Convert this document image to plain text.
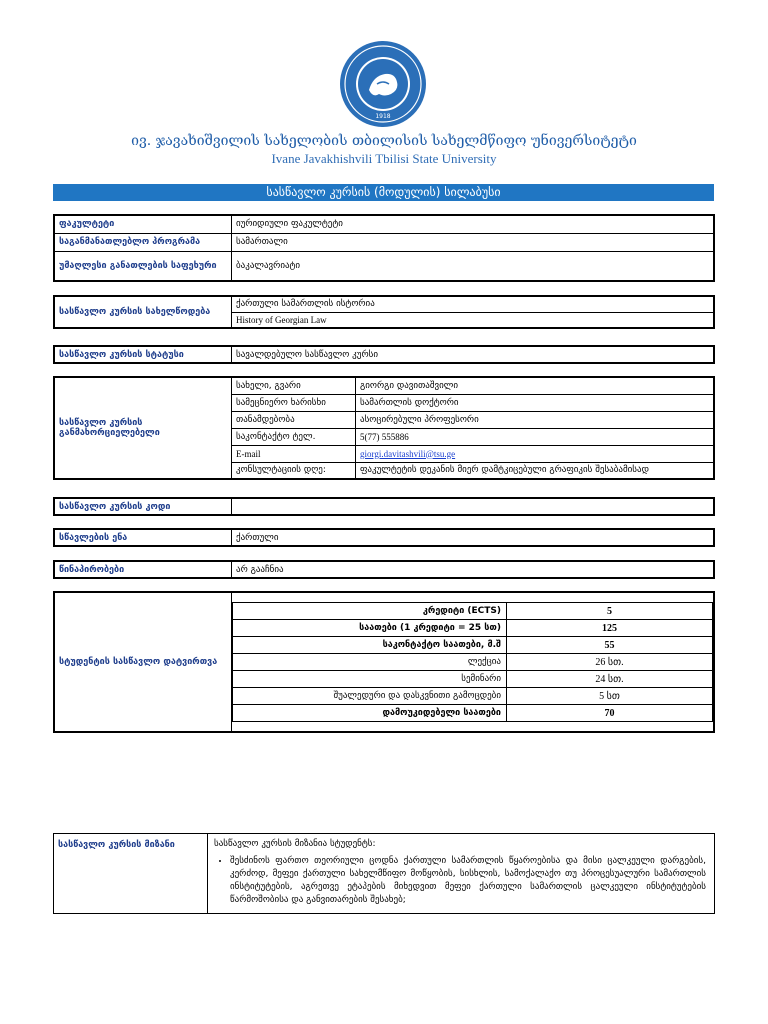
1918
ივ. ჯავახიშვილის სახელობის თბილისის სახელმწიფო უნივერსიტეტი
Ivane Javakhishvili Tbilisi State University
სასწავლო კურსის (მოდულის) სილაბუსი
ფაკულტეტი	იურიდიული ფაკულტეტი
საგანმანათლებლო პროგრამა	სამართალი
უმაღლესი განათლების საფეხური	ბაკალავრიატი
სასწავლო კურსის სახელწოდება	ქართული სამართლის ისტორია
History of Georgian Law
სასწავლო კურსის სტატუსი	სავალდებულო სასწავლო კურსი
სასწავლო კურსის განმახორციელებელი	სახელი, გვარი	გიორგი დავითაშვილი
	სამეცნიერო ხარისხი	სამართლის დოქტორი
	თანამდებობა	ასოცირებული პროფესორი
	საკონტაქტო ტელ.	5(77) 555886
	E-mail	giorgi.davitashvili@tsu.ge
	კონსულტაციის დღე:	ფაკულტეტის დეკანის მიერ დამტკიცებული გრაფიკის შესაბამისად
სასწავლო კურსის კოდი	
სწავლების ენა	ქართული
წინაპირობები	არ გააჩნია
სტუდენტის სასწავლო დატვირთვა	
კრედიტი (ECTS)	5
საათები (1 კრედიტი = 25 სთ)	125
საკონტაქტო საათები, მ.შ	55
ლექცია	26 სთ.
სემინარი	24 სთ.
შუალედური და დასკვნითი გამოცდები	5 სთ
დამოუკიდებელი საათები	70
სასწავლო კურსის მიზანი	სასწავლო კურსის მიზანია სტუდენტს:
• შესძინოს ფართო თეორიული ცოდნა ქართული სამართლის წყაროებისა და მისი ცალკეული დარგების, კერძოდ, მეფეი ქართული სახელმწიფო მოწყობის, სისხლის, სამოქალაქო თუ პროცესუალური სამართლის ინსტიტუტების, აგრეთვე ეტაპების მიხედვით მეფეი ქართული სამართლის ცალკეული ინსტიტუტების წარმოშობისა და განვითარების შესახებ;
